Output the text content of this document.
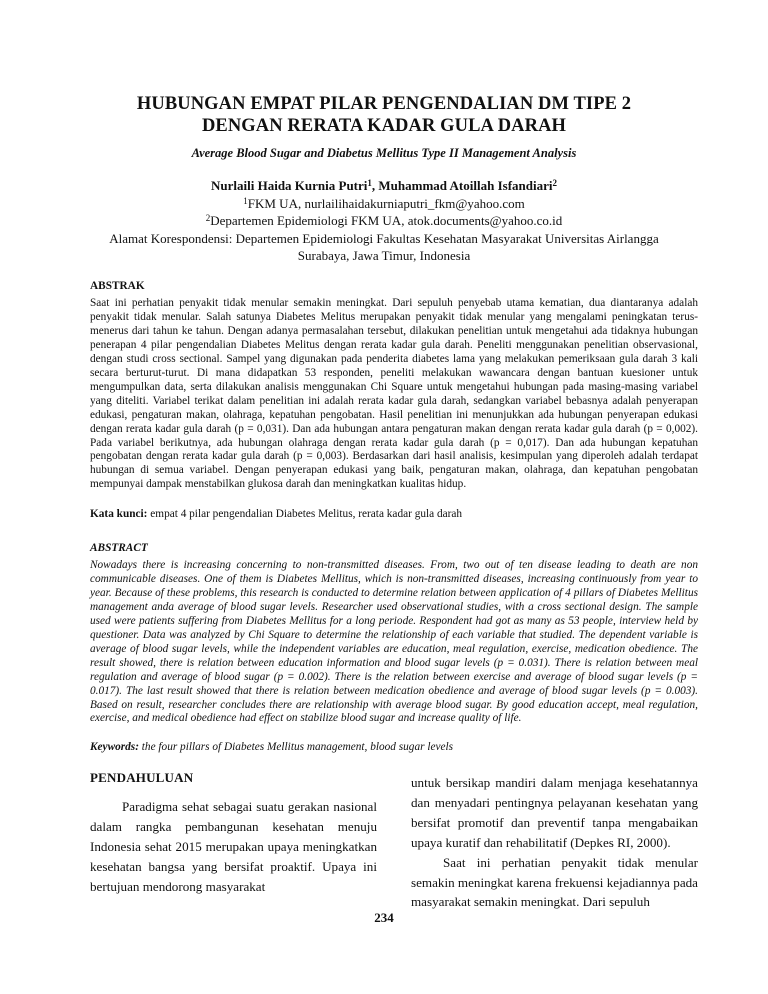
HUBUNGAN EMPAT PILAR PENGENDALIAN DM TIPE 2
DENGAN RERATA KADAR GULA DARAH
Average Blood Sugar and Diabetus Mellitus Type II Management Analysis
Nurlaili Haida Kurnia Putri$^1$, Muhammad Atoillah Isfandiari$^2$
$^1$FKM UA, nurlailihaidakurniaputri_fkm@yahoo.com
$^2$Departemen Epidemiologi FKM UA, atok.documents@yahoo.co.id
Alamat Korespondensi: Departemen Epidemiologi Fakultas Kesehatan Masyarakat Universitas Airlangga
Surabaya, Jawa Timur, Indonesia
ABSTRAK
Saat ini perhatian penyakit tidak menular semakin meningkat. Dari sepuluh penyebab utama kematian, dua diantaranya adalah penyakit tidak menular. Salah satunya Diabetes Melitus merupakan penyakit tidak menular yang mengalami peningkatan terus-menerus dari tahun ke tahun. Dengan adanya permasalahan tersebut, dilakukan penelitian untuk mengetahui ada tidaknya hubungan penerapan 4 pilar pengendalian Diabetes Melitus dengan rerata kadar gula darah. Peneliti menggunakan penelitian observasional, dengan studi cross sectional. Sampel yang digunakan pada penderita diabetes lama yang melakukan pemeriksaan gula darah 3 kali secara berturut-turut. Di mana didapatkan 53 responden, peneliti melakukan wawancara dengan bantuan kuesioner untuk mengumpulkan data, serta dilakukan analisis menggunakan Chi Square untuk mengetahui hubungan pada masing-masing variabel yang diteliti. Variabel terikat dalam penelitian ini adalah rerata kadar gula darah, sedangkan variabel bebasnya adalah penyerapan edukasi, pengaturan makan, olahraga, kepatuhan pengobatan. Hasil penelitian ini menunjukkan ada hubungan penyerapan edukasi dengan rerata kadar gula darah (p = 0,031). Dan ada hubungan antara pengaturan makan dengan rerata kadar gula darah (p = 0,002). Pada variabel berikutnya, ada hubungan olahraga dengan rerata kadar gula darah (p = 0,017). Dan ada hubungan kepatuhan pengobatan dengan rerata kadar gula darah (p = 0,003). Berdasarkan dari hasil analisis, kesimpulan yang diperoleh adalah terdapat hubungan di semua variabel. Dengan penyerapan edukasi yang baik, pengaturan makan, olahraga, dan kepatuhan pengobatan mempunyai dampak menstabilkan glukosa darah dan meningkatkan kualitas hidup.
Kata kunci: empat 4 pilar pengendalian Diabetes Melitus, rerata kadar gula darah
ABSTRACT
Nowadays there is increasing concerning to non-transmitted diseases. From, two out of ten disease leading to death are non communicable diseases. One of them is Diabetes Mellitus, which is non-transmitted diseases, increasing continuously from year to year. Because of these problems, this research is conducted to determine relation between application of 4 pillars of Diabetes Mellitus management anda average of blood sugar levels. Researcher used observational studies, with a cross sectional design. The sample used were patients suffering from Diabetes Mellitus for a long periode. Respondent had got as many as 53 people, interview held by questioner. Data was analyzed by Chi Square to determine the relationship of each variable that studied. The dependent variable is average of blood sugar levels, while the independent variables are education, meal regulation, exercise, medication obedience. The result showed, there is relation between education information and blood sugar levels (p = 0.031). There is relation between meal regulation and average of blood sugar (p = 0.002). There is the relation between exercise and average of blood sugar levels (p = 0.017). The last result showed that there is relation between medication obedience and average of blood sugar levels (p = 0.003). Based on result, researcher concludes there are relationship with average blood sugar. By good education accept, meal regulation, exercise, and medical obedience had effect on stabilize blood sugar and increase quality of life.
Keywords: the four pillars of Diabetes Mellitus management, blood sugar levels
PENDAHULUAN

Paradigma sehat sebagai suatu gerakan nasional dalam rangka pembangunan kesehatan menuju Indonesia sehat 2015 merupakan upaya meningkatkan kesehatan bangsa yang bersifat proaktif. Upaya ini bertujuan mendorong masyarakat

untuk bersikap mandiri dalam menjaga kesehatannya dan menyadari pentingnya pelayanan kesehatan yang bersifat promotif dan preventif tanpa mengabaikan upaya kuratif dan rehabilitatif (Depkes RI, 2000).

Saat ini perhatian penyakit tidak menular semakin meningkat karena frekuensi kejadiannya pada masyarakat semakin meningkat. Dari sepuluh

234
